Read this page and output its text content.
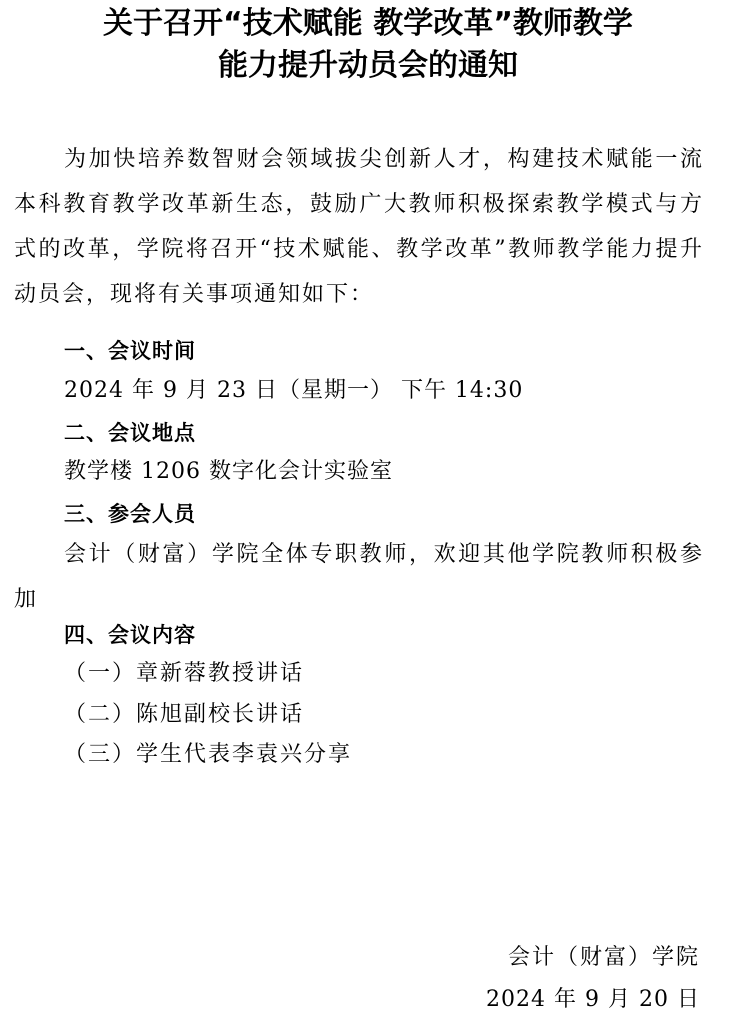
关于召开“技术赋能 教学改革”教师教学
能力提升动员会的通知
为加快培养数智财会领域拔尖创新人才，构建技术赋能一流本科教育教学改革新生态，鼓励广大教师积极探索教学模式与方式的改革，学院将召开“技术赋能、教学改革”教师教学能力提升动员会，现将有关事项通知如下：
一、会议时间
2024 年 9 月 23 日（星期一） 下午 14:30
二、会议地点
教学楼 1206 数字化会计实验室
三、参会人员
会计（财富）学院全体专职教师，欢迎其他学院教师积极参加
四、会议内容
（一）章新蓉教授讲话
（二）陈旭副校长讲话
（三）学生代表李袁兴分享
会计（财富）学院
2024 年 9 月 20 日
